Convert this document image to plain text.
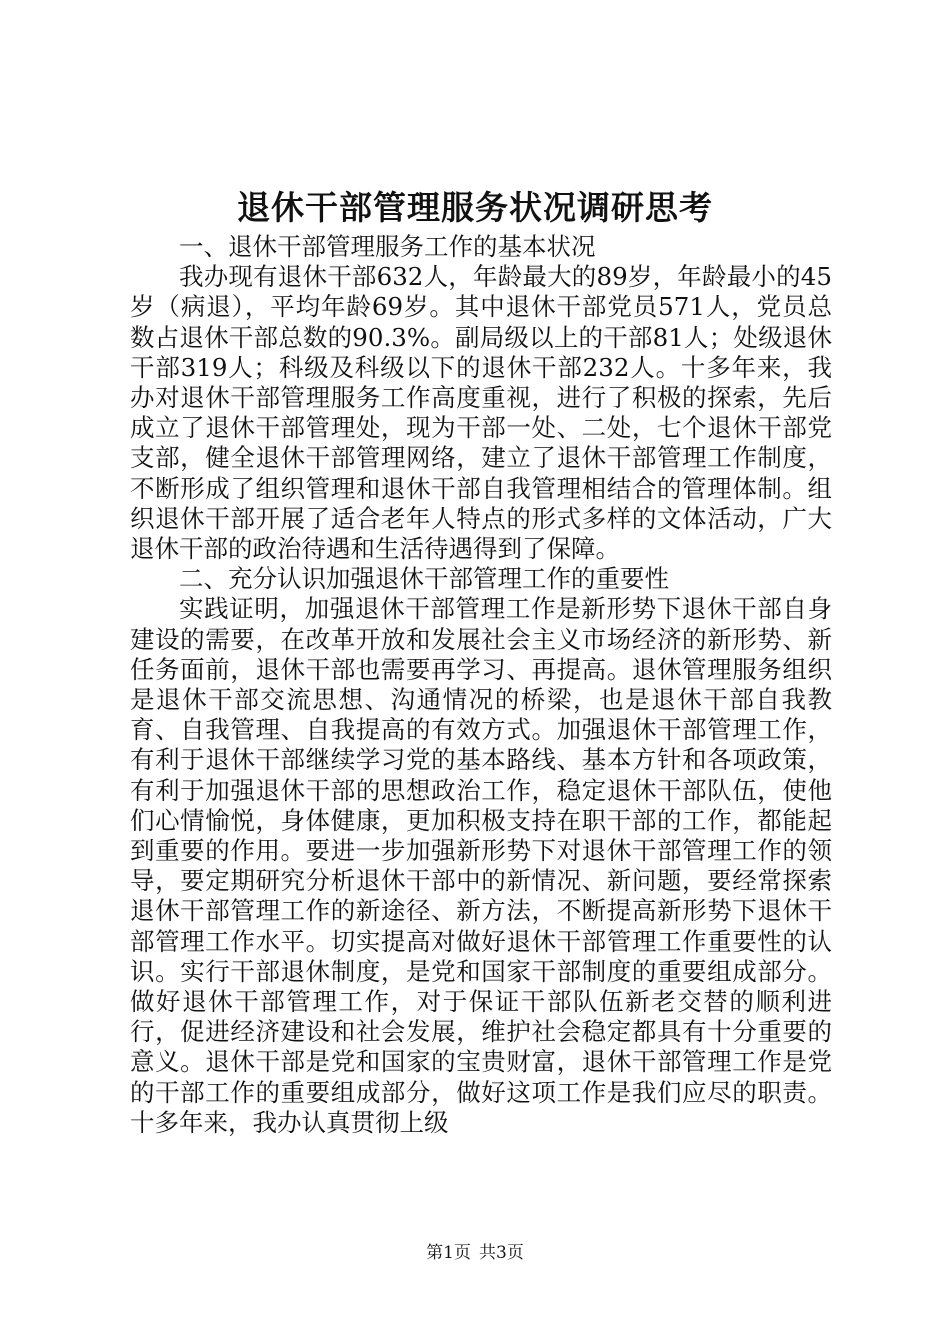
退休干部管理服务状况调研思考

一、退休干部管理服务工作的基本状况

我办现有退休干部632人，年龄最大的89岁，年龄最小的45岁（病退），平均年龄69岁。其中退休干部党员571人，党员总数占退休干部总数的90.3%。副局级以上的干部81人；处级退休干部319人；科级及科级以下的退休干部232人。十多年来，我办对退休干部管理服务工作高度重视，进行了积极的探索，先后成立了退休干部管理处，现为干部一处、二处，七个退休干部党支部，健全退休干部管理网络，建立了退休干部管理工作制度，不断形成了组织管理和退休干部自我管理相结合的管理体制。组织退休干部开展了适合老年人特点的形式多样的文体活动，广大退休干部的政治待遇和生活待遇得到了保障。

二、充分认识加强退休干部管理工作的重要性

实践证明，加强退休干部管理工作是新形势下退休干部自身建设的需要，在改革开放和发展社会主义市场经济的新形势、新任务面前，退休干部也需要再学习、再提高。退休管理服务组织是退休干部交流思想、沟通情况的桥梁，也是退休干部自我教育、自我管理、自我提高的有效方式。加强退休干部管理工作，有利于退休干部继续学习党的基本路线、基本方针和各项政策，有利于加强退休干部的思想政治工作，稳定退休干部队伍，使他们心情愉悦，身体健康，更加积极支持在职干部的工作，都能起到重要的作用。要进一步加强新形势下对退休干部管理工作的领导，要定期研究分析退休干部中的新情况、新问题，要经常探索退休干部管理工作的新途径、新方法，不断提高新形势下退休干部管理工作水平。切实提高对做好退休干部管理工作重要性的认识。实行干部退休制度，是党和国家干部制度的重要组成部分。做好退休干部管理工作，对于保证干部队伍新老交替的顺利进行，促进经济建设和社会发展，维护社会稳定都具有十分重要的意义。退休干部是党和国家的宝贵财富，退休干部管理工作是党的干部工作的重要组成部分，做好这项工作是我们应尽的职责。十多年来，我办认真贯彻上级

第1页 共3页
